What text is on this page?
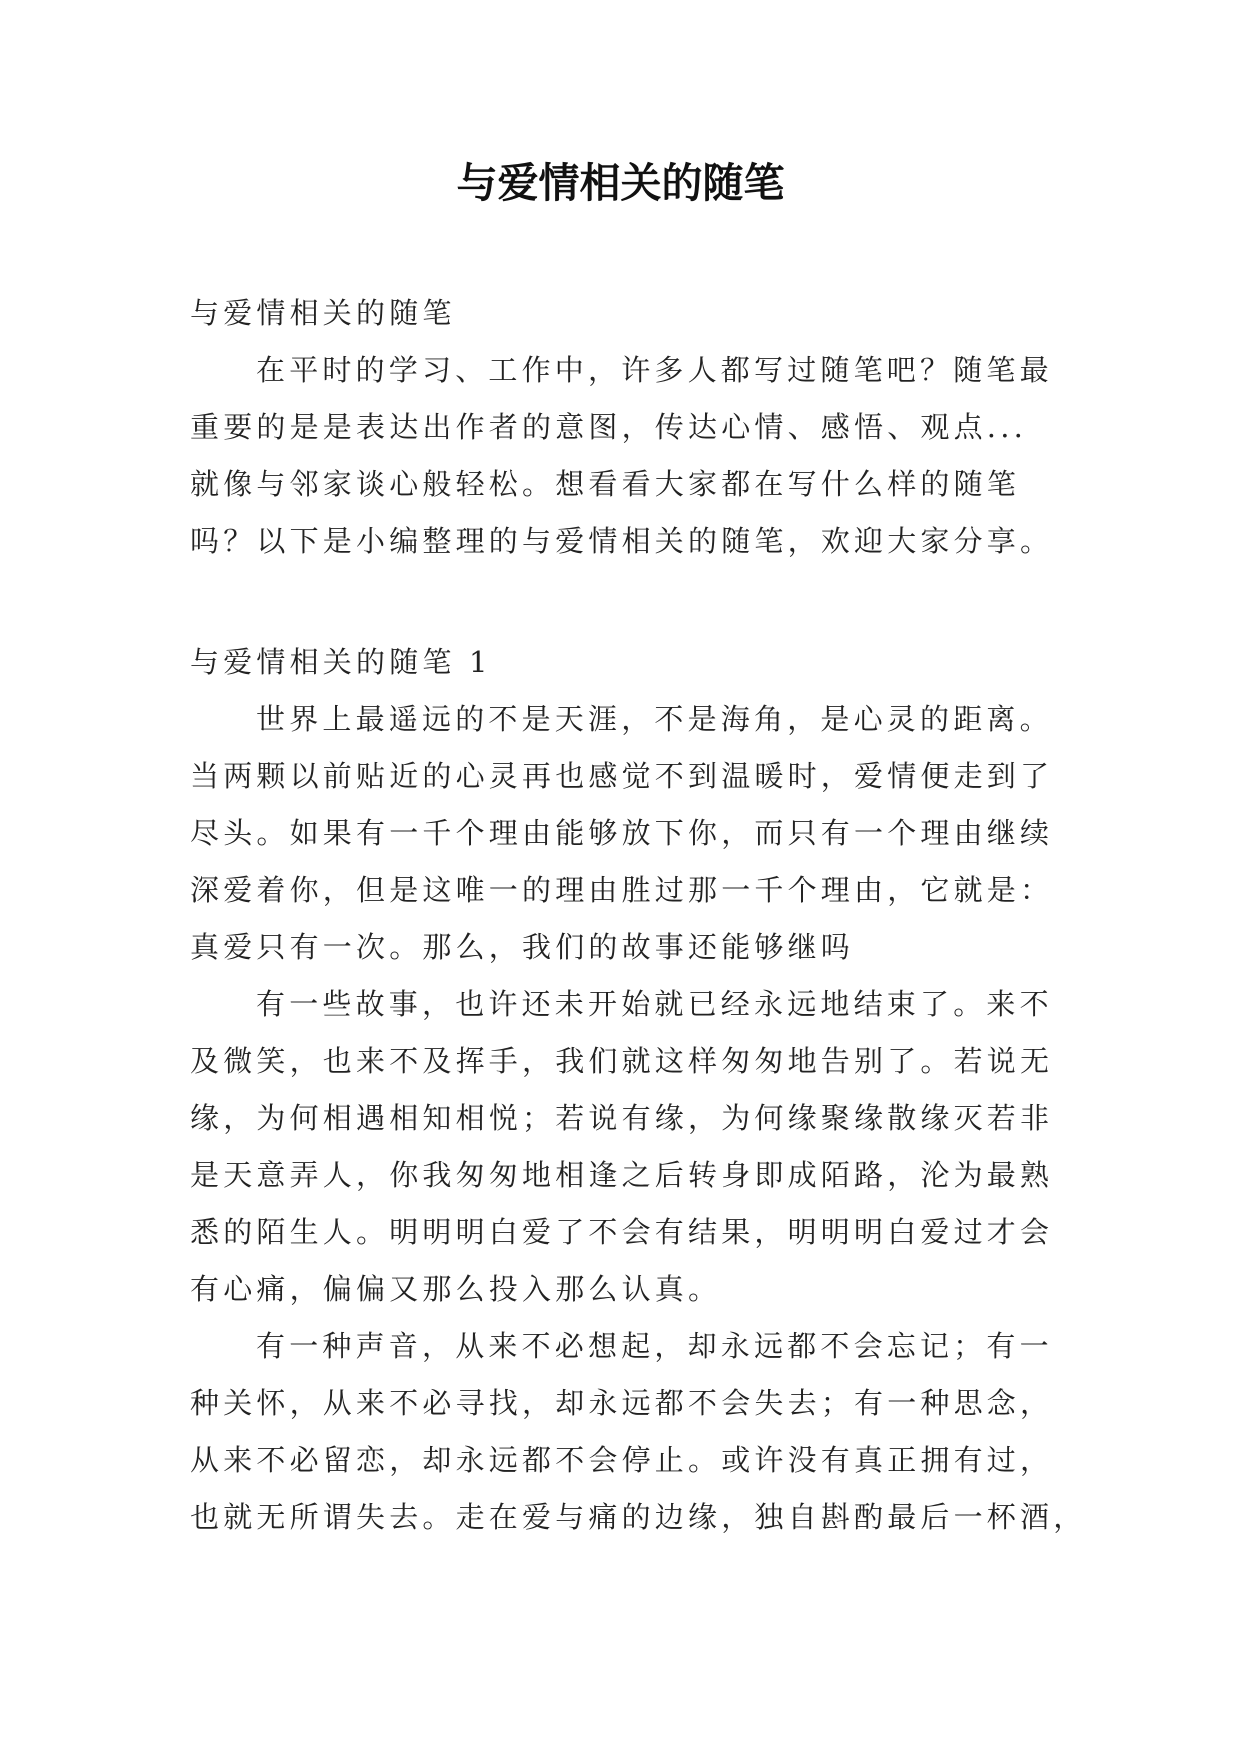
与爱情相关的随笔
与爱情相关的随笔
在平时的学习、工作中，许多人都写过随笔吧？随笔最
重要的是是表达出作者的意图，传达心情、感悟、观点...
就像与邻家谈心般轻松。想看看大家都在写什么样的随笔
吗？以下是小编整理的与爱情相关的随笔，欢迎大家分享。
与爱情相关的随笔 1
世界上最遥远的不是天涯，不是海角，是心灵的距离。
当两颗以前贴近的心灵再也感觉不到温暖时，爱情便走到了
尽头。如果有一千个理由能够放下你，而只有一个理由继续
深爱着你，但是这唯一的理由胜过那一千个理由，它就是：
真爱只有一次。那么，我们的故事还能够继吗
有一些故事，也许还未开始就已经永远地结束了。来不
及微笑，也来不及挥手，我们就这样匆匆地告别了。若说无
缘，为何相遇相知相悦；若说有缘，为何缘聚缘散缘灭若非
是天意弄人，你我匆匆地相逢之后转身即成陌路，沦为最熟
悉的陌生人。明明明白爱了不会有结果，明明明白爱过才会
有心痛，偏偏又那么投入那么认真。
有一种声音，从来不必想起，却永远都不会忘记；有一
种关怀，从来不必寻找，却永远都不会失去；有一种思念，
从来不必留恋，却永远都不会停止。或许没有真正拥有过，
也就无所谓失去。走在爱与痛的边缘，独自斟酌最后一杯酒，
